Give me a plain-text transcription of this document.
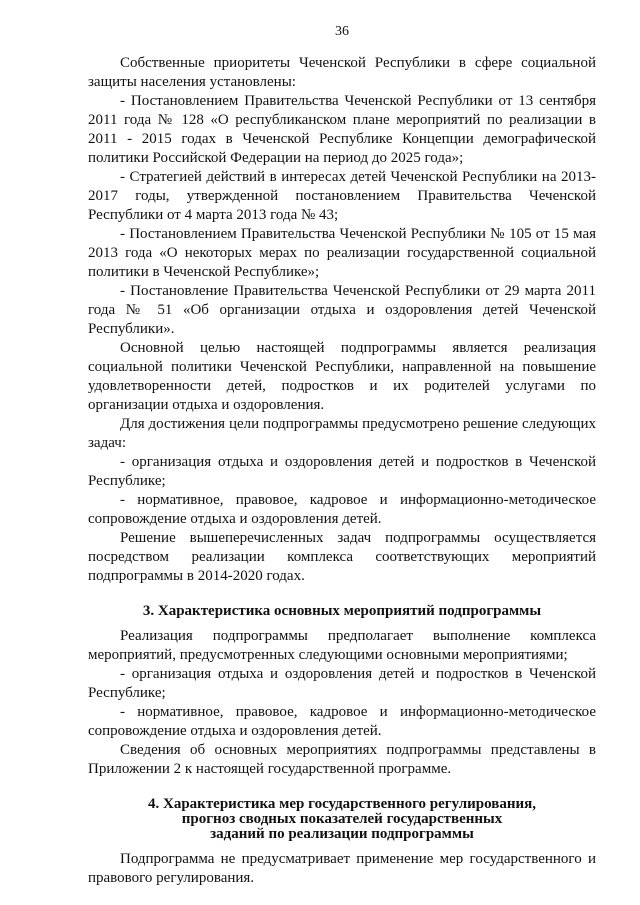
36

Собственные приоритеты Чеченской Республики в сфере социальной защиты населения установлены:

- Постановлением Правительства Чеченской Республики от 13 сентября 2011 года № 128 «О республиканском плане мероприятий по реализации в 2011 - 2015 годах в Чеченской Республике Концепции демографической политики Российской Федерации на период до 2025 года»;

- Стратегией действий в интересах детей Чеченской Республики на 2013-2017 годы, утвержденной постановлением Правительства Чеченской Республики от 4 марта 2013 года № 43;

- Постановлением Правительства Чеченской Республики № 105 от 15 мая 2013 года «О некоторых мерах по реализации государственной социальной политики в Чеченской Республике»;

- Постановление Правительства Чеченской Республики от 29 марта 2011 года № 51 «Об организации отдыха и оздоровления детей Чеченской Республики».

Основной целью настоящей подпрограммы является реализация социальной политики Чеченской Республики, направленной на повышение удовлетворенности детей, подростков и их родителей услугами по организации отдыха и оздоровления.

Для достижения цели подпрограммы предусмотрено решение следующих задач:

- организация отдыха и оздоровления детей и подростков в Чеченской Республике;

- нормативное, правовое, кадровое и информационно-методическое сопровождение отдыха и оздоровления детей.

Решение вышеперечисленных задач подпрограммы осуществляется посредством реализации комплекса соответствующих мероприятий подпрограммы в 2014-2020 годах.

3. Характеристика основных мероприятий подпрограммы

Реализация подпрограммы предполагает выполнение комплекса мероприятий, предусмотренных следующими основными мероприятиями;

- организация отдыха и оздоровления детей и подростков в Чеченской Республике;

- нормативное, правовое, кадровое и информационно-методическое сопровождение отдыха и оздоровления детей.

Сведения об основных мероприятиях подпрограммы представлены в Приложении 2 к настоящей государственной программе.

4. Характеристика мер государственного регулирования,
прогноз сводных показателей государственных
заданий по реализации подпрограммы

Подпрограмма не предусматривает применение мер государственного и правового регулирования.
